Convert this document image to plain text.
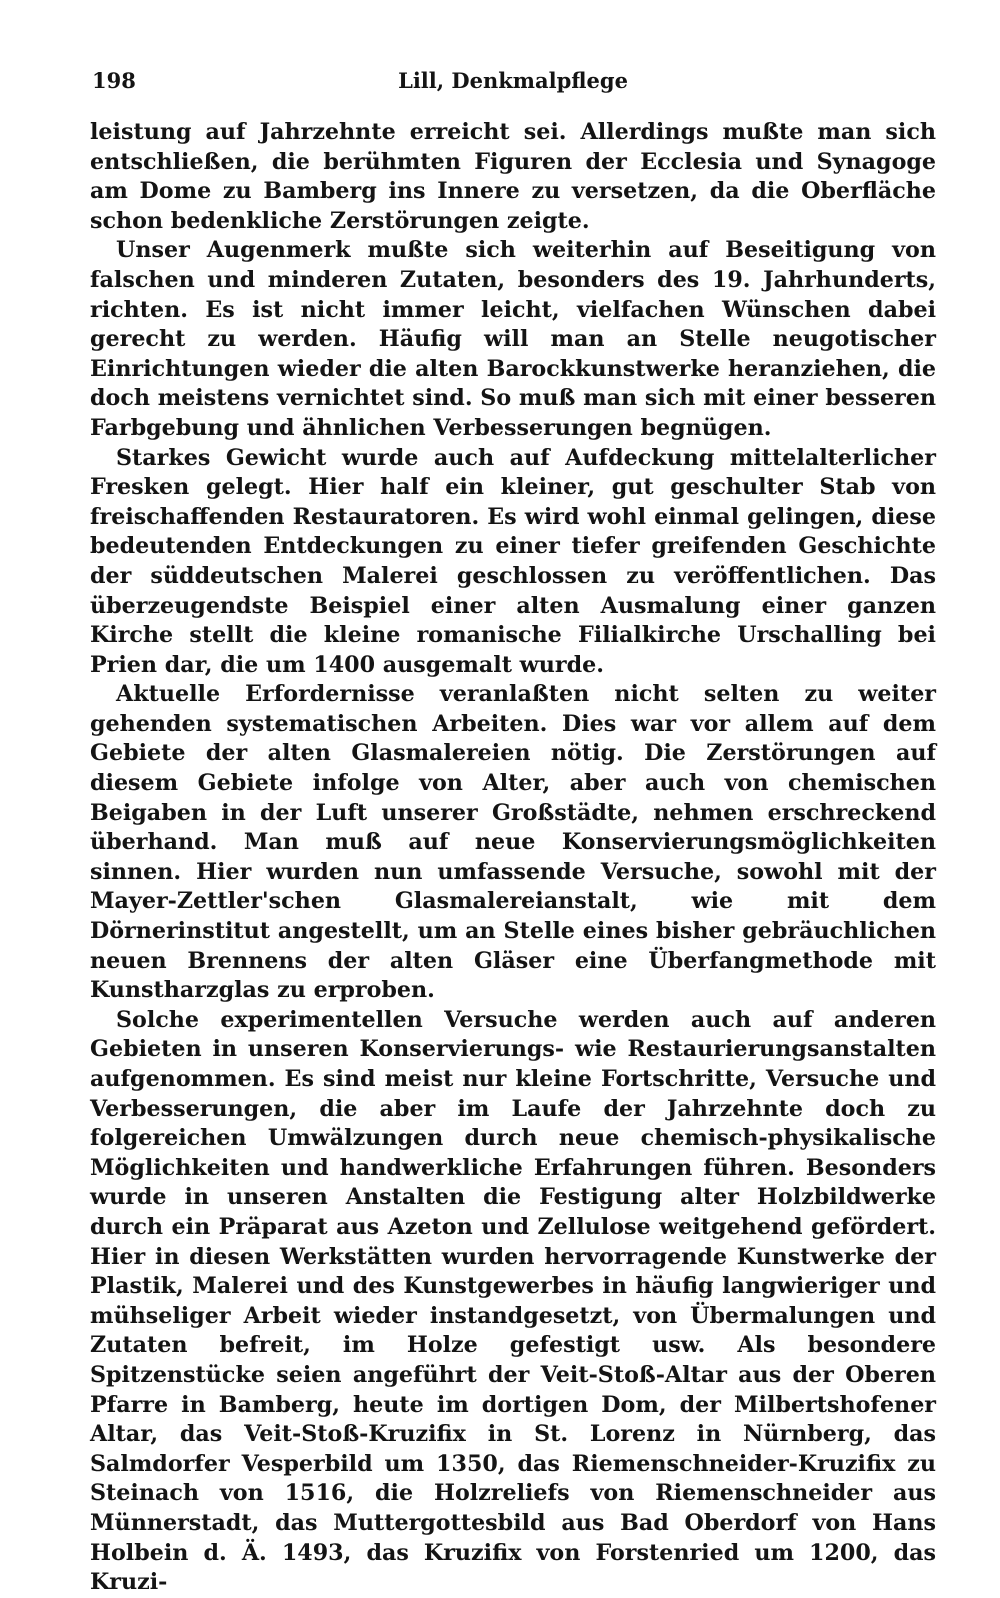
198	Lill, Denkmalpflege

leistung auf Jahrzehnte erreicht sei. Allerdings mußte man sich entschließen, die berühmten Figuren der Ecclesia und Synagoge am Dome zu Bamberg ins Innere zu versetzen, da die Oberfläche schon bedenkliche Zerstörungen zeigte.

Unser Augenmerk mußte sich weiterhin auf Beseitigung von falschen und minderen Zutaten, besonders des 19. Jahrhunderts, richten. Es ist nicht immer leicht, vielfachen Wünschen dabei gerecht zu werden. Häufig will man an Stelle neugotischer Einrichtungen wieder die alten Barockkunstwerke heranziehen, die doch meistens vernichtet sind. So muß man sich mit einer besseren Farbgebung und ähnlichen Verbesserungen begnügen.

Starkes Gewicht wurde auch auf Aufdeckung mittelalterlicher Fresken gelegt. Hier half ein kleiner, gut geschulter Stab von freischaffenden Restauratoren. Es wird wohl einmal gelingen, diese bedeutenden Entdeckungen zu einer tiefer greifenden Geschichte der süddeutschen Malerei geschlossen zu veröffentlichen. Das überzeugendste Beispiel einer alten Ausmalung einer ganzen Kirche stellt die kleine romanische Filialkirche Urschalling bei Prien dar, die um 1400 ausgemalt wurde.

Aktuelle Erfordernisse veranlaßten nicht selten zu weiter gehenden systematischen Arbeiten. Dies war vor allem auf dem Gebiete der alten Glasmalereien nötig. Die Zerstörungen auf diesem Gebiete infolge von Alter, aber auch von chemischen Beigaben in der Luft unserer Großstädte, nehmen erschreckend überhand. Man muß auf neue Konservierungsmöglichkeiten sinnen. Hier wurden nun umfassende Versuche, sowohl mit der Mayer-Zettler'schen Glasmalereianstalt, wie mit dem Dörnerinstitut angestellt, um an Stelle eines bisher gebräuchlichen neuen Brennens der alten Gläser eine Überfangmethode mit Kunstharzglas zu erproben.

Solche experimentellen Versuche werden auch auf anderen Gebieten in unseren Konservierungs- wie Restaurierungsanstalten aufgenommen. Es sind meist nur kleine Fortschritte, Versuche und Verbesserungen, die aber im Laufe der Jahrzehnte doch zu folgereichen Umwälzungen durch neue chemisch-physikalische Möglichkeiten und handwerkliche Erfahrungen führen. Besonders wurde in unseren Anstalten die Festigung alter Holzbildwerke durch ein Präparat aus Azeton und Zellulose weitgehend gefördert. Hier in diesen Werkstätten wurden hervorragende Kunstwerke der Plastik, Malerei und des Kunstgewerbes in häufig langwieriger und mühseliger Arbeit wieder instandgesetzt, von Übermalungen und Zutaten befreit, im Holze gefestigt usw. Als besondere Spitzenstücke seien angeführt der Veit-Stoß-Altar aus der Oberen Pfarre in Bamberg, heute im dortigen Dom, der Milbertshofener Altar, das Veit-Stoß-Kruzifix in St. Lorenz in Nürnberg, das Salmdorfer Vesperbild um 1350, das Riemenschneider-Kruzifix zu Steinach von 1516, die Holzreliefs von Riemenschneider aus Münnerstadt, das Muttergottesbild aus Bad Oberdorf von Hans Holbein d. Ä. 1493, das Kruzifix von Forstenried um 1200, das Kruzi-
